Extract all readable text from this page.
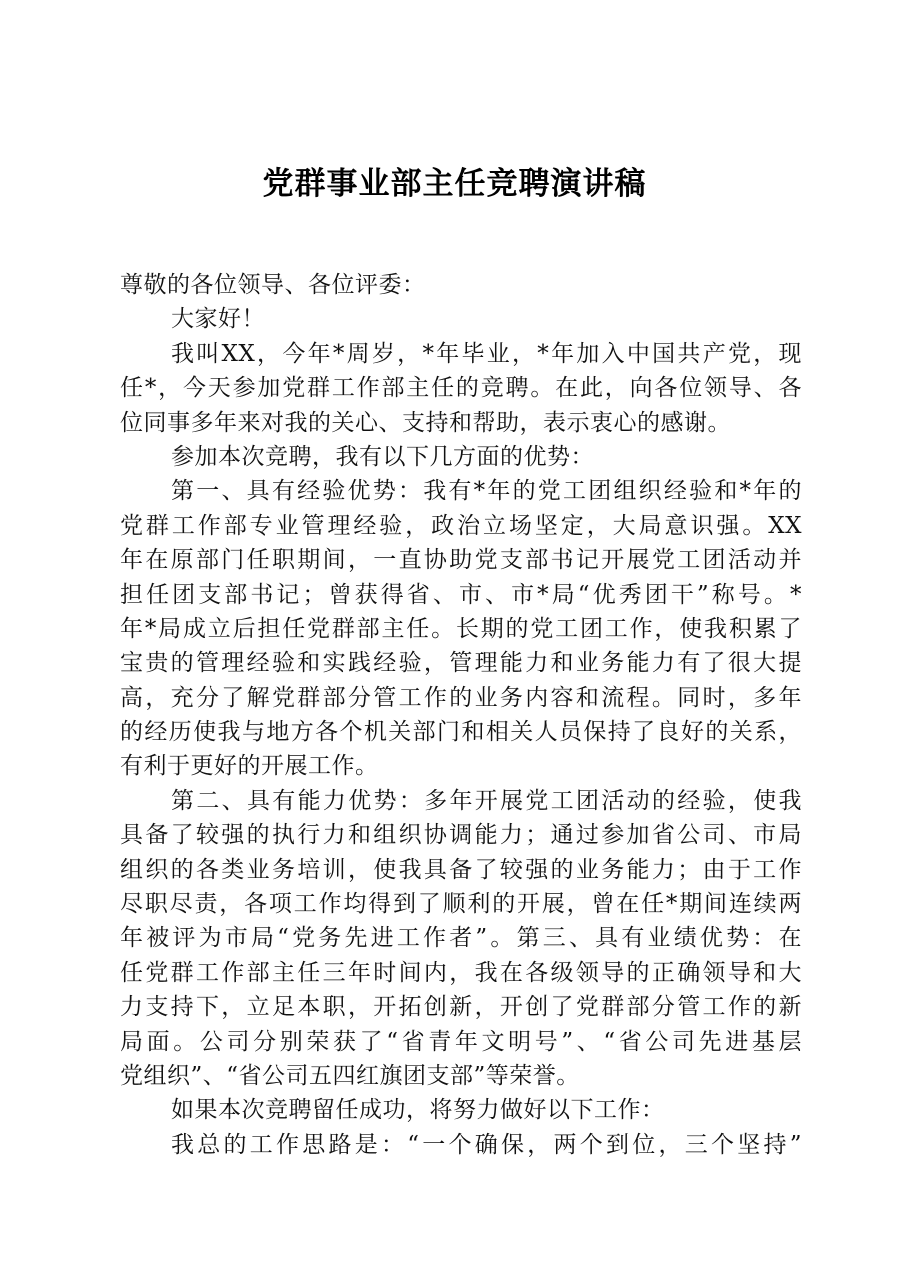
党群事业部主任竞聘演讲稿
尊敬的各位领导、各位评委：
大家好！
我叫XX，今年*周岁，*年毕业，*年加入中国共产党，现
任*，今天参加党群工作部主任的竞聘。在此，向各位领导、各
位同事多年来对我的关心、支持和帮助，表示衷心的感谢。
参加本次竞聘，我有以下几方面的优势：
第一、具有经验优势：我有*年的党工团组织经验和*年的
党群工作部专业管理经验，政治立场坚定，大局意识强。XX
年在原部门任职期间，一直协助党支部书记开展党工团活动并
担任团支部书记；曾获得省、市、市*局“优秀团干”称号。*
年*局成立后担任党群部主任。长期的党工团工作，使我积累了
宝贵的管理经验和实践经验，管理能力和业务能力有了很大提
高，充分了解党群部分管工作的业务内容和流程。同时，多年
的经历使我与地方各个机关部门和相关人员保持了良好的关系，
有利于更好的开展工作。
第二、具有能力优势：多年开展党工团活动的经验，使我
具备了较强的执行力和组织协调能力；通过参加省公司、市局
组织的各类业务培训，使我具备了较强的业务能力；由于工作
尽职尽责，各项工作均得到了顺利的开展，曾在任*期间连续两
年被评为市局“党务先进工作者”。第三、具有业绩优势：在
任党群工作部主任三年时间内，我在各级领导的正确领导和大
力支持下，立足本职，开拓创新，开创了党群部分管工作的新
局面。公司分别荣获了“省青年文明号”、“省公司先进基层
党组织”、“省公司五四红旗团支部”等荣誉。
如果本次竞聘留任成功，将努力做好以下工作：
我总的工作思路是：“一个确保，两个到位，三个坚持”
